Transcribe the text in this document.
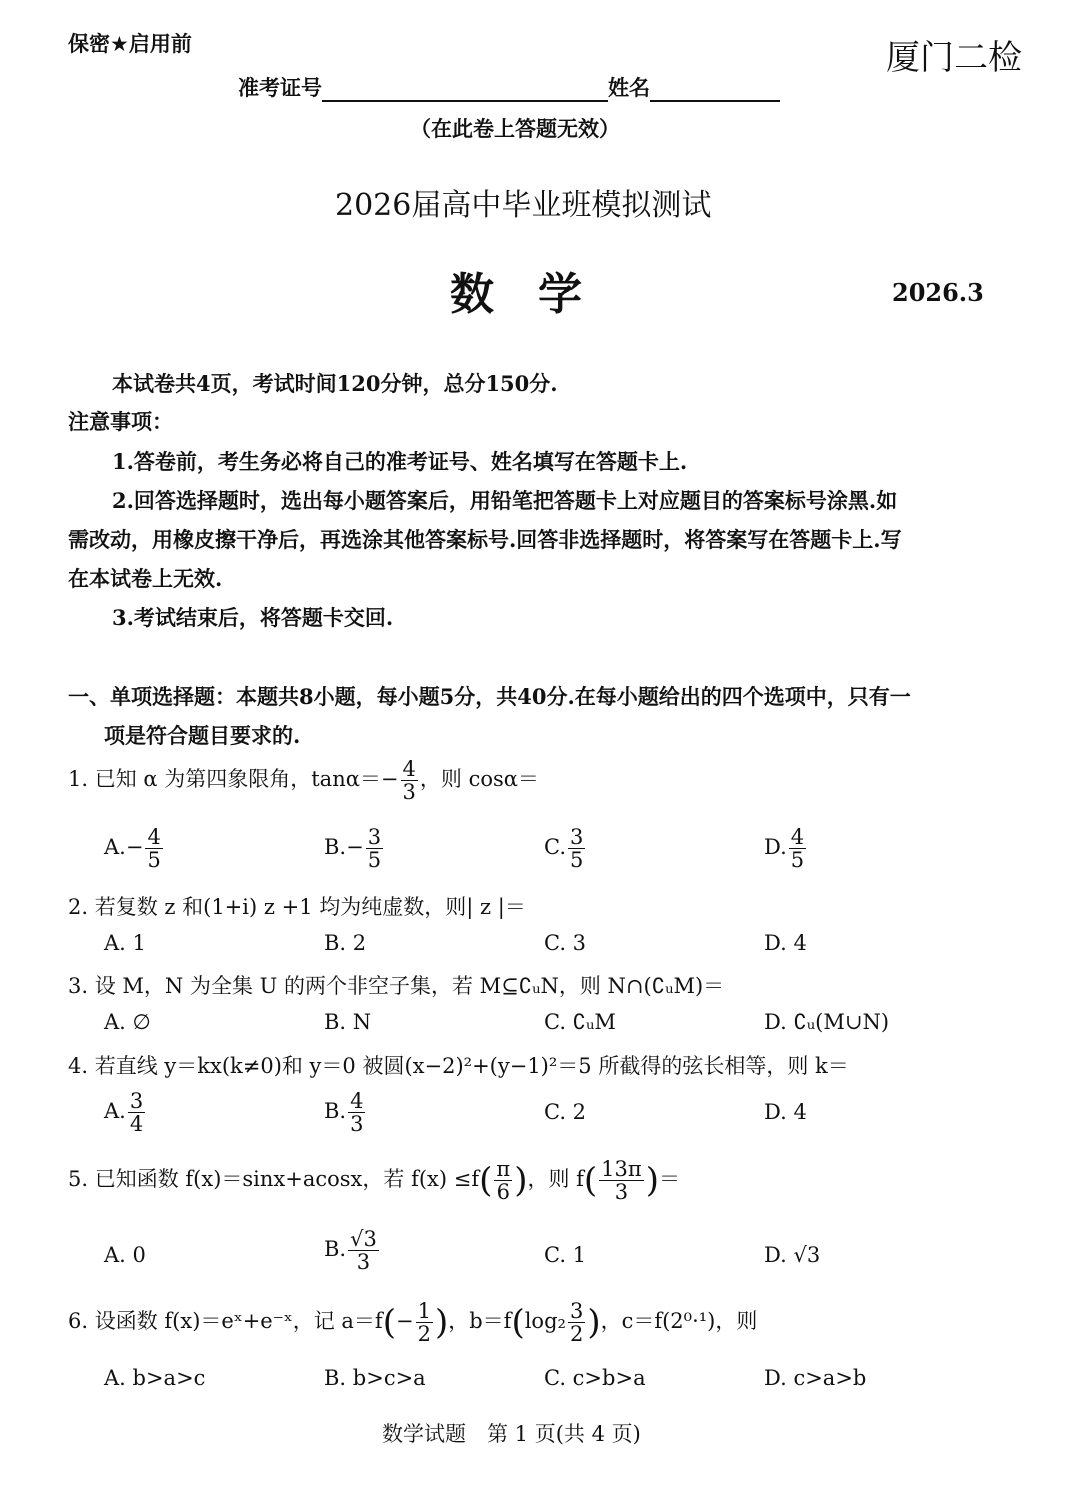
保密★启用前	厦门二检
准考证号	姓名
（在此卷上答题无效）
2026届高中毕业班模拟测试
数　学	2026.3
本试卷共4页，考试时间120分钟，总分150分.
注意事项：
1.答卷前，考生务必将自己的准考证号、姓名填写在答题卡上.
2.回答选择题时，选出每小题答案后，用铅笔把答题卡上对应题目的答案标号涂黑.如
需改动，用橡皮擦干净后，再选涂其他答案标号.回答非选择题时，将答案写在答题卡上.写
在本试卷上无效.
3.考试结束后，将答题卡交回.
一、单项选择题：本题共8小题，每小题5分，共40分.在每小题给出的四个选项中，只有一
项是符合题目要求的.
1. 已知 α 为第四象限角，$\tan\alpha=- \frac{4}{3}$ ，则 cosα＝
$A.- \frac{4}{5}$	$B.- \frac{3}{5}$	C. $\frac{3}{5}$	D. $\frac{4}{5}$
2. 若复数 z 和(1+i) z +1 均为纯虚数，则| z |＝
A. 1	B. 2	C. 3	D. 4
3. 设 M，N 为全集 U 的两个非空子集，若 M⊆∁ᵤN，则 N∩(∁ᵤM)＝
A. ∅	B. N	C. ∁ᵤM	D. ∁ᵤ(M∪N)
4. 若直线 y＝kx(k≠0)和 y＝0 被圆(x−2)²+(y−1)²＝5 所截得的弦长相等，则 k＝
A. $\frac{3}{4}$	B. $\frac{4}{3}$	C. 2	D. 4
5. 已知函数 f(x)＝sinx+acosx，若 $f(x) \le f( \frac{\pi}{6}$ )，则 $f( \frac{13\pi}{3}$ )＝
A. 0	B. $\frac{√3}{3}$	C. 1	D. √3
6. 设函数 f(x)＝eˣ+e⁻ˣ，记 $a=f(- \frac{1}{2}$ )，$b=f(\log_2 \frac{3}{2}$ )，c＝f(2⁰·¹)，则
A. b>a>c	B. b>c>a	C. c>b>a	D. c>a>b
数学试题　第 1 页(共 4 页)
